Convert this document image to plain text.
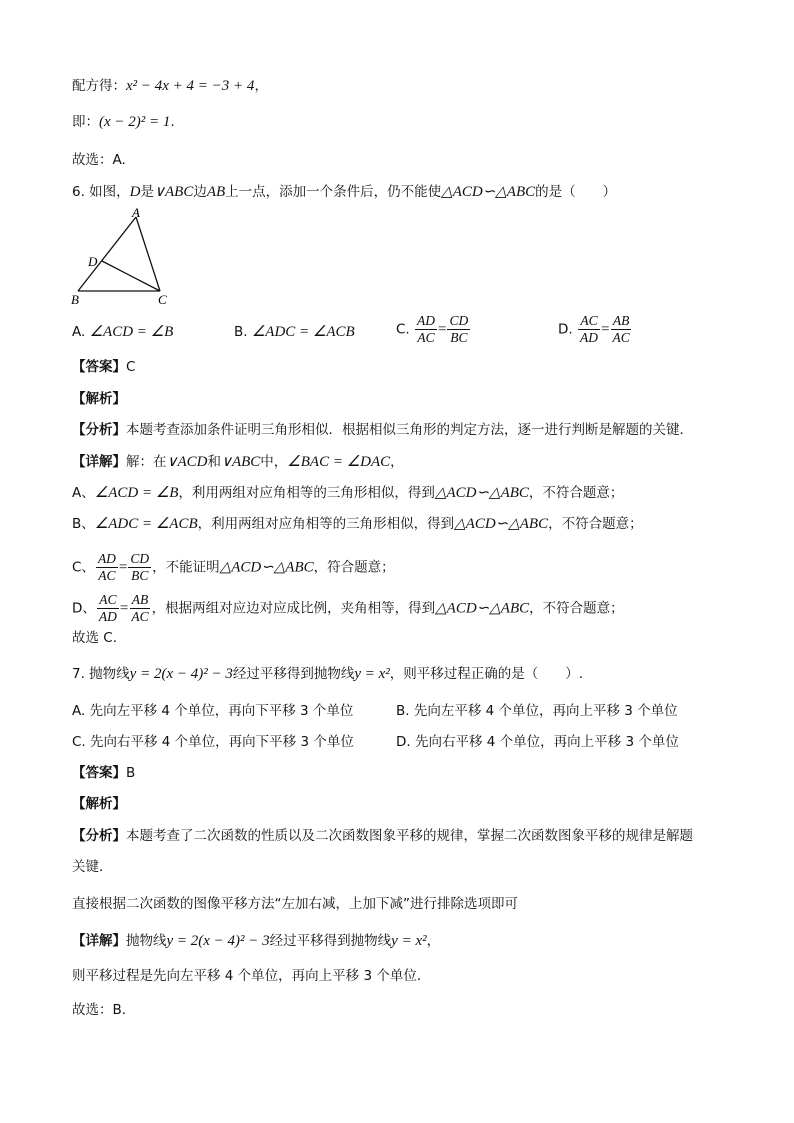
配方得：x² − 4x + 4 = −3 + 4，
即：(x − 2)² = 1.
故选：A.
6. 如图，D是∨ABC边AB上一点，添加一个条件后，仍不能使△ACD∽△ABC的是（　　）
A
D
B	C
A. ∠ACD = ∠B	B. ∠ADC = ∠ACB	C. $\frac{AD}{AC} = \frac{CD}{BC}$	D. $\frac{AC}{AD} = \frac{AB}{AC}$
【答案】C
【解析】
【分析】本题考查添加条件证明三角形相似．根据相似三角形的判定方法，逐一进行判断是解题的关键．
【详解】解：在∨ACD和∨ABC中，∠BAC = ∠DAC，
A、∠ACD = ∠B，利用两组对应角相等的三角形相似，得到△ACD∽△ABC，不符合题意；
B、∠ADC = ∠ACB，利用两组对应角相等的三角形相似，得到△ACD∽△ABC，不符合题意；
C、 $\frac{AD}{AC} = \frac{CD}{BC}$ ，不能证明△ACD∽△ABC，符合题意；
D、 $\frac{AC}{AD} = \frac{AB}{AC}$ ，根据两组对应边对应成比例，夹角相等，得到△ACD∽△ABC，不符合题意；
故选 C.
7. 抛物线y = 2(x − 4)² − 3经过平移得到抛物线y = x²，则平移过程正确的是（　　）.
A. 先向左平移 4 个单位，再向下平移 3 个单位	B. 先向左平移 4 个单位，再向上平移 3 个单位
C. 先向右平移 4 个单位，再向下平移 3 个单位	D. 先向右平移 4 个单位，再向上平移 3 个单位
【答案】B
【解析】
【分析】本题考查了二次函数的性质以及二次函数图象平移的规律，掌握二次函数图象平移的规律是解题
关键．
直接根据二次函数的图像平移方法“左加右减，上加下减”进行排除选项即可
【详解】抛物线y = 2(x − 4)² − 3经过平移得到抛物线y = x²，
则平移过程是先向左平移 4 个单位，再向上平移 3 个单位．
故选：B.
